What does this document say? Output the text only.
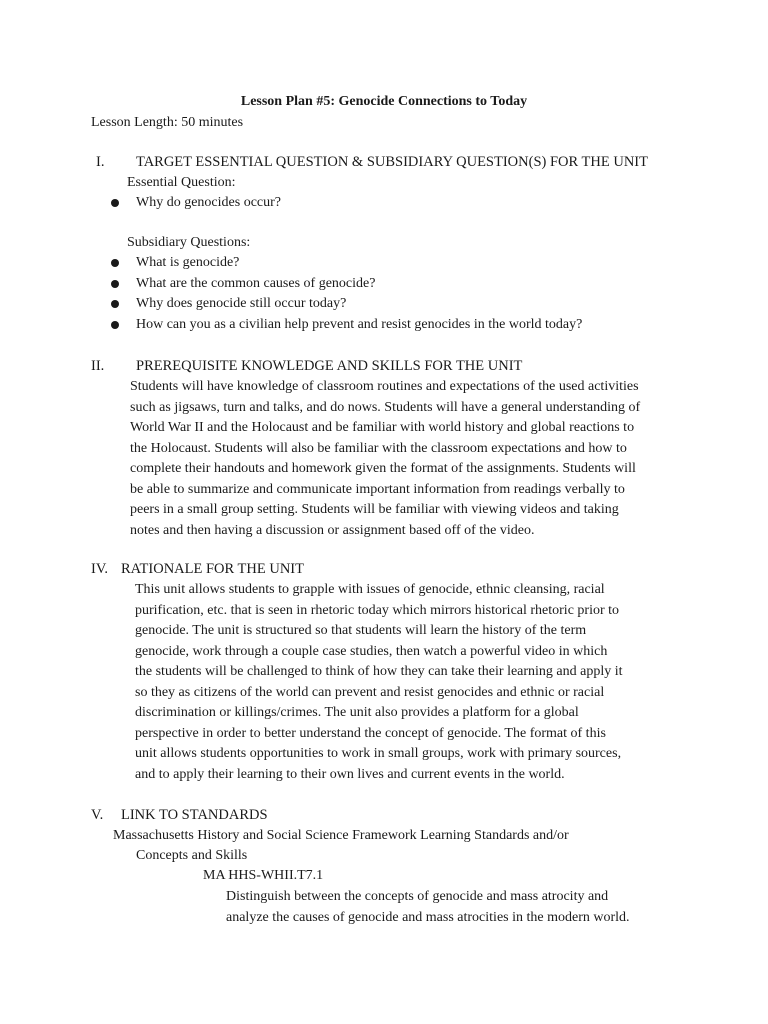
Lesson Plan #5: Genocide Connections to Today
Lesson Length: 50 minutes
I. TARGET ESSENTIAL QUESTION & SUBSIDIARY QUESTION(S) FOR THE UNIT
Essential Question:
Why do genocides occur?
Subsidiary Questions:
What is genocide?
What are the common causes of genocide?
Why does genocide still occur today?
How can you as a civilian help prevent and resist genocides in the world today?
II. PREREQUISITE KNOWLEDGE AND SKILLS FOR THE UNIT
Students will have knowledge of classroom routines and expectations of the used activities
such as jigsaws, turn and talks, and do nows. Students will have a general understanding of
World War II and the Holocaust and be familiar with world history and global reactions to
the Holocaust. Students will also be familiar with the classroom expectations and how to
complete their handouts and homework given the format of the assignments. Students will
be able to summarize and communicate important information from readings verbally to
peers in a small group setting. Students will be familiar with viewing videos and taking
notes and then having a discussion or assignment based off of the video.
IV. RATIONALE FOR THE UNIT
This unit allows students to grapple with issues of genocide, ethnic cleansing, racial
purification, etc. that is seen in rhetoric today which mirrors historical rhetoric prior to
genocide. The unit is structured so that students will learn the history of the term
genocide, work through a couple case studies, then watch a powerful video in which
the students will be challenged to think of how they can take their learning and apply it
so they as citizens of the world can prevent and resist genocides and ethnic or racial
discrimination or killings/crimes. The unit also provides a platform for a global
perspective in order to better understand the concept of genocide. The format of this
unit allows students opportunities to work in small groups, work with primary sources,
and to apply their learning to their own lives and current events in the world.
V. LINK TO STANDARDS
Massachusetts History and Social Science Framework Learning Standards and/or
Concepts and Skills
MA HHS-WHII.T7.1
Distinguish between the concepts of genocide and mass atrocity and
analyze the causes of genocide and mass atrocities in the modern world.
